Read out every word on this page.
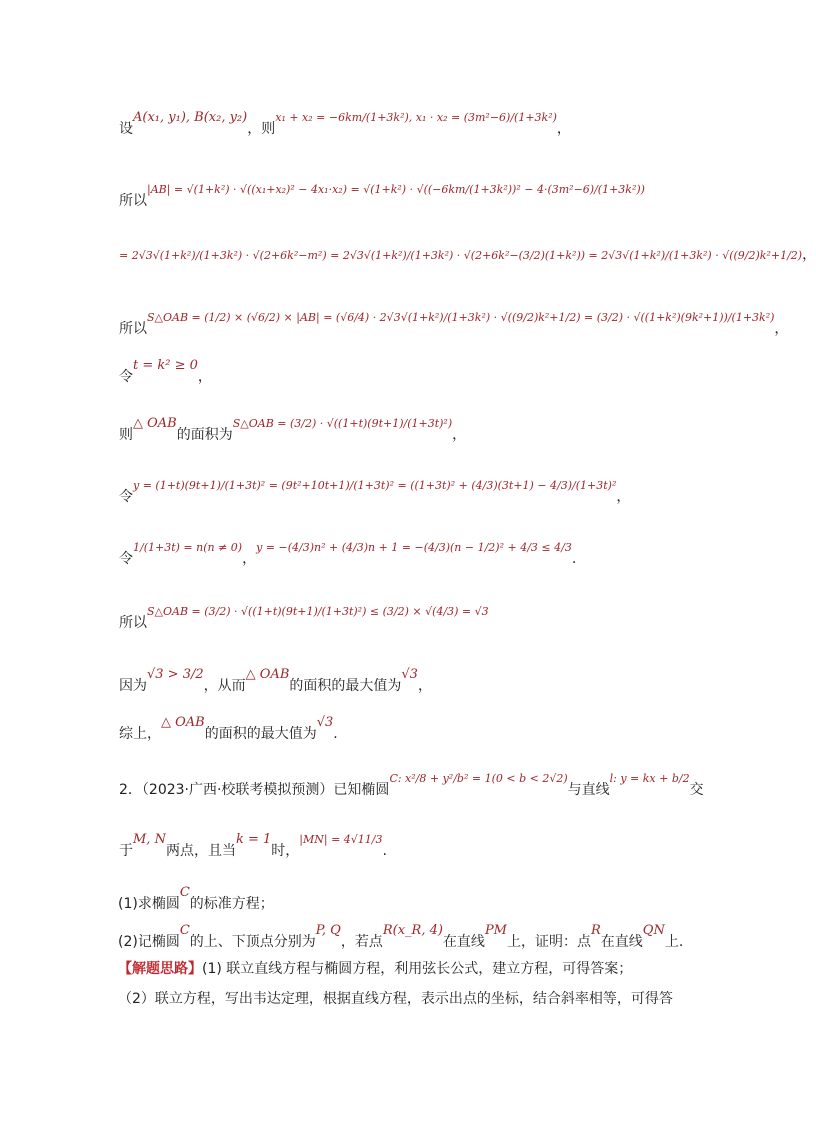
设A(x₁, y₁), B(x₂, y₂)，则$^{x_1 + x_2 = -6km/(1+3k^2), x_1 \cdot x_2 = (3m^2-6)/(1+3k^2)}$，
所以$^{|AB| = √(1+k^2) \cdot √((x_1+x_2)^2 - 4x_1\cdot x_2) = √(1+k^2) \cdot √((-6km/(1+3k^2))^2 - 4\cdot(3m^2-6)/(1+3k^2))}$
= 2√3√(1+k²)/(1+3k²) · √(2+6k²−m²) = 2√3√(1+k²)/(1+3k²) · √(2+6k²−(3/2)(1+k²)) = 2√3√(1+k²)/(1+3k²) · √((9/2)k²+1/2)，
所以$^{S\triangle OAB = (1/2) \times (√6/2) \times |AB| = (√6/4) \cdot 2√3√(1+k^2)/(1+3k^2) \cdot √((9/2)k^2+1/2) = (3/2) \cdot √((1+k^2)(9k^2+1))/(1+3k^2)}$，
令t = k² ≥ 0，
则△ OAB的面积为$^{S\triangle OAB = (3/2) \cdot √((1+t)(9t+1)/(1+3t)^2)}$，
令$^{y = (1+t)(9t+1)/(1+3t)^2 = (9t^2+10t+1)/(1+3t)^2 = ((1+3t)^2 + (4/3)(3t+1) - 4/3)/(1+3t)^2}$，
令$^{1/(1+3t) = n(n \ne 0)}$，$^{y = -(4/3)n^2 + (4/3)n + 1 = -(4/3)(n - 1/2)^2 + 4/3 \le 4/3}$.
所以$^{S\triangle OAB = (3/2) \cdot √((1+t)(9t+1)/(1+3t)^2) \le (3/2) \times √(4/3) = √3}$
因为√3 > 3/2，从而△ OAB的面积的最大值为√3，
综上，△ OAB的面积的最大值为√3.
2．（2023·广西·校联考模拟预测）已知椭圆$^{C: x^2/8 + y^2/b^2 = 1(0 < b < 2√2)}$与直线$^{l: y = kx + b/2}$交
于M, N两点，且当k = 1时，$^{|MN| = 4√11/3}$.
(1)求椭圆C的标准方程；
(2)记椭圆C的上、下顶点分别为P, Q，若点R(x_R, 4)在直线PM上，证明：点R在直线QN上.
【解题思路】(1) 联立直线方程与椭圆方程，利用弦长公式，建立方程，可得答案；
（2）联立方程，写出韦达定理，根据直线方程，表示出点的坐标，结合斜率相等，可得答
